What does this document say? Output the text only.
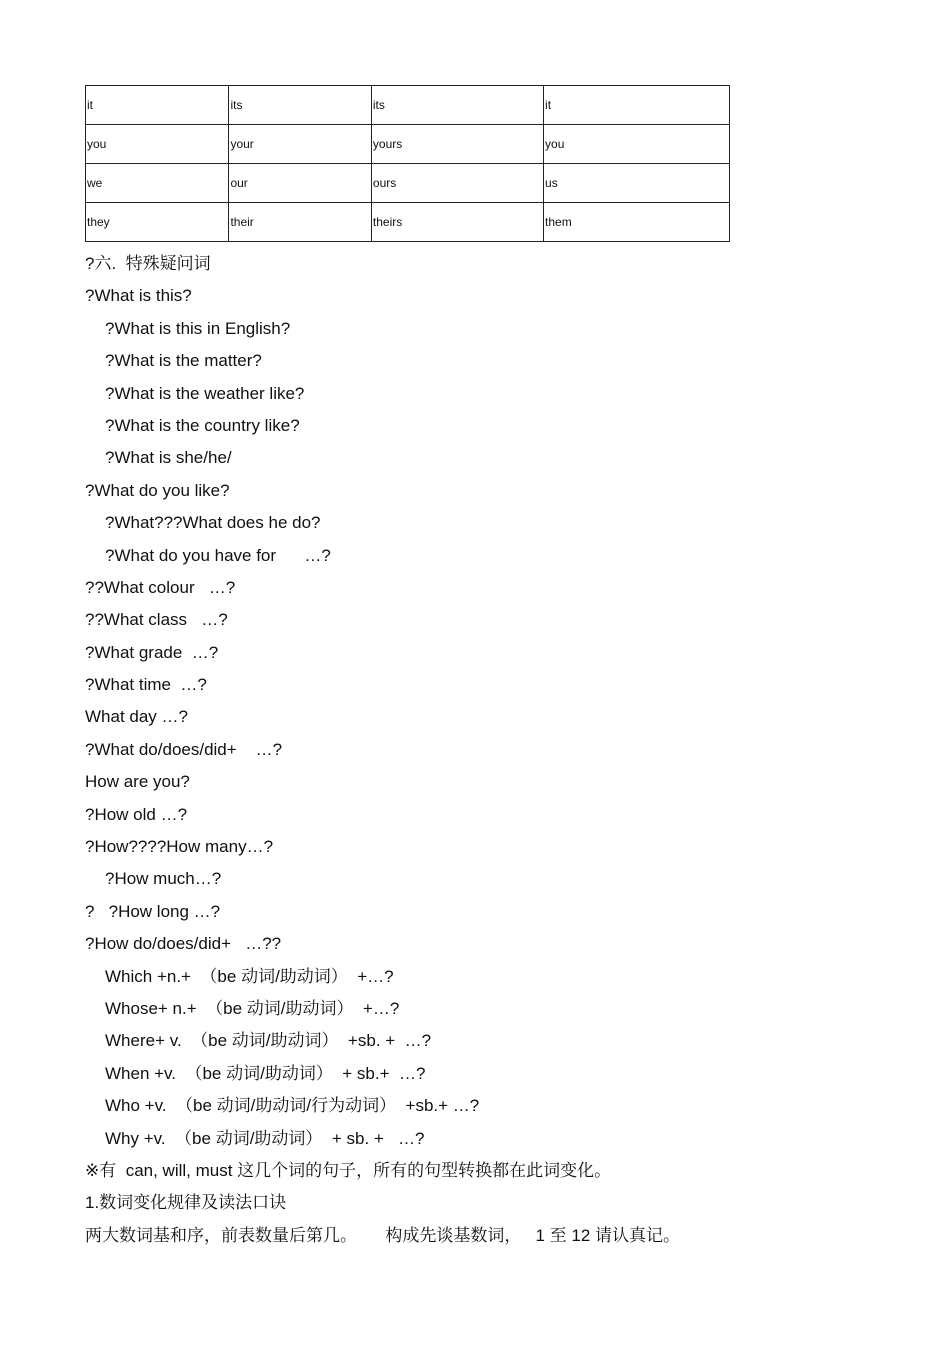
it	its	its	it
you	your	yours	you
we	our	ours	us
they	their	theirs	them
?六.  特殊疑问词
?What is this?
?What is this in English?
?What is the matter?
?What is the weather like?
?What is the country like?
?What is she/he/
?What do you like?
?What???What does he do?
?What do you have for      …?
??What colour   …?
??What class   …?
?What grade  …?
?What time  …?
What day …?
?What do/does/did+    …?
How are you?
?How old …?
?How????How many…?
?How much…?
?   ?How long …?
?How do/does/did+   …??
Which +n.+  （be 动词/助动词）  +…?
Whose+ n.+  （be 动词/助动词）  +…?
Where+ v.  （be 动词/助动词）  +sb. +  …?
When +v.  （be 动词/助动词）  + sb.+  …?
Who +v.  （be 动词/助动词/行为动词）  +sb.+ …?
Why +v.  （be 动词/助动词）  + sb. +   …?
※有  can, will, must 这几个词的句子，所有的句型转换都在此词变化。
1.数词变化规律及读法口诀
两大数词基和序，前表数量后第几。      构成先谈基数词，   1 至 12 请认真记。
